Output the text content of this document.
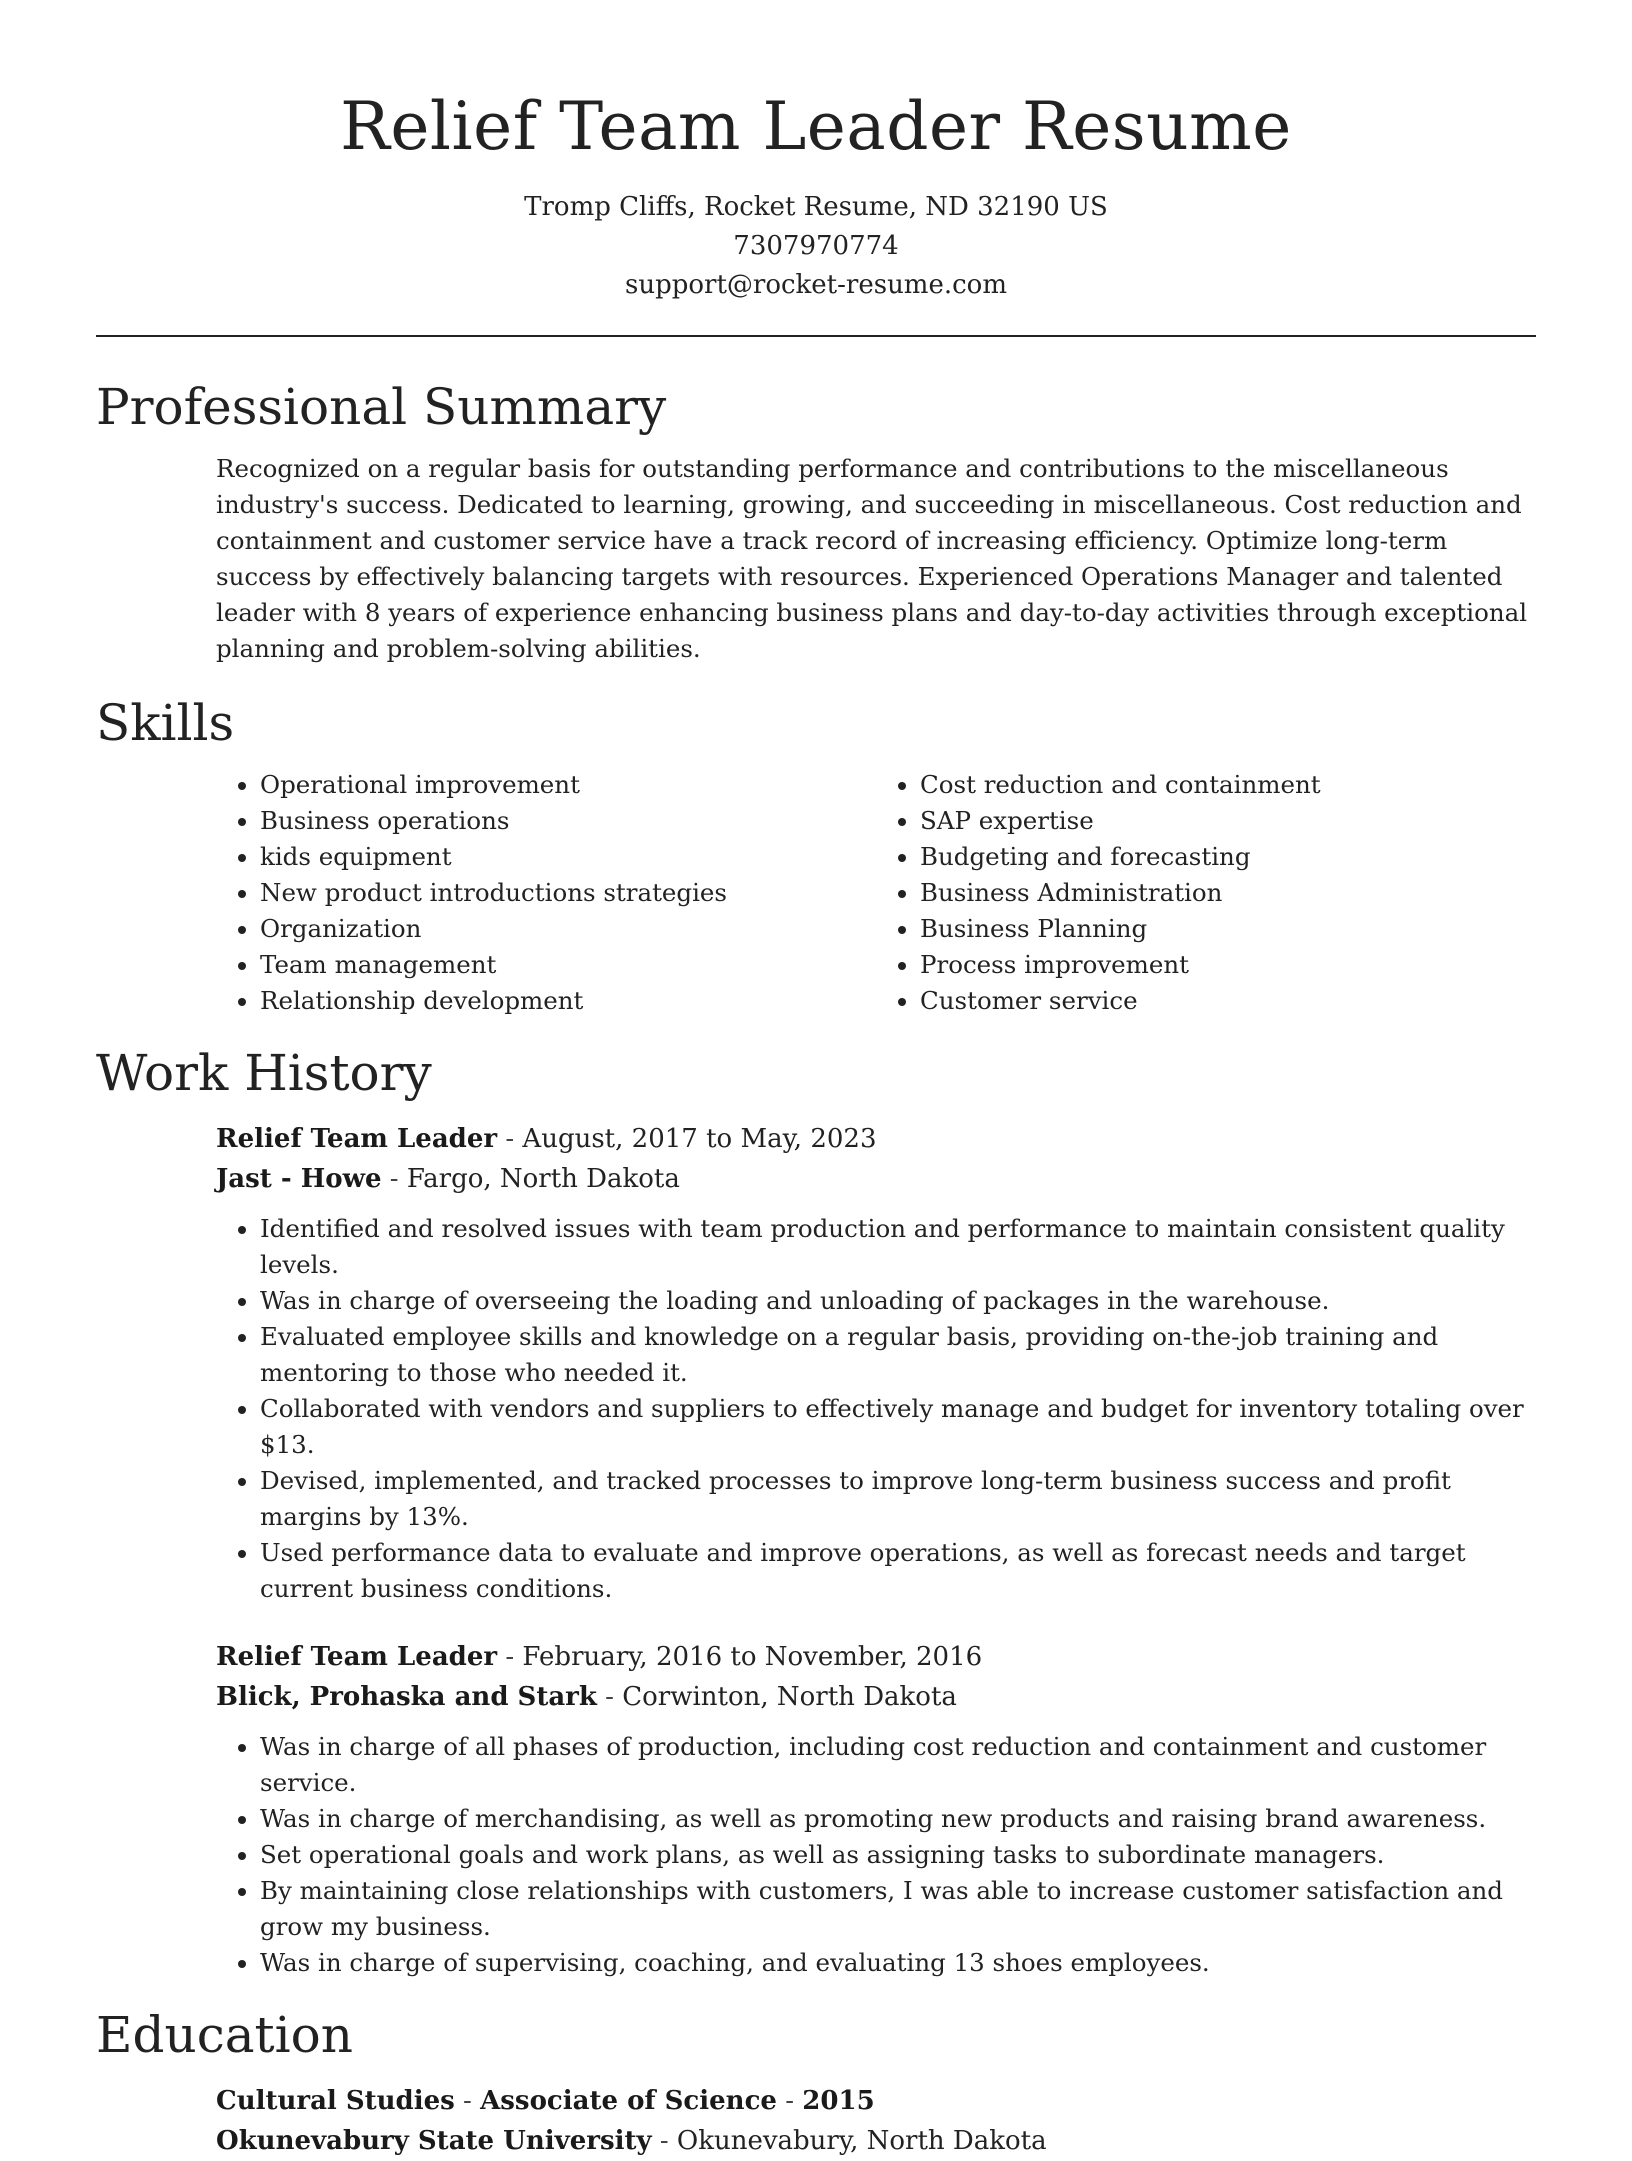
Relief Team Leader Resume
Tromp Cliffs, Rocket Resume, ND 32190 US
7307970774
support@rocket-resume.com
Professional Summary

Recognized on a regular basis for outstanding performance and contributions to the miscellaneous industry's success. Dedicated to learning, growing, and succeeding in miscellaneous. Cost reduction and containment and customer service have a track record of increasing efficiency. Optimize long-term success by effectively balancing targets with resources. Experienced Operations Manager and talented leader with 8 years of experience enhancing business plans and day-to-day activities through exceptional planning and problem-solving abilities.

Skills
• Operational improvement
• Business operations
• kids equipment
• New product introductions strategies
• Organization
• Team management
• Relationship development
• Cost reduction and containment
• SAP expertise
• Budgeting and forecasting
• Business Administration
• Business Planning
• Process improvement
• Customer service
Work History
Relief Team Leader - August, 2017 to May, 2023
Jast - Howe - Fargo, North Dakota
• Identified and resolved issues with team production and performance to maintain consistent quality levels.
• Was in charge of overseeing the loading and unloading of packages in the warehouse.
• Evaluated employee skills and knowledge on a regular basis, providing on-the-job training and mentoring to those who needed it.
• Collaborated with vendors and suppliers to effectively manage and budget for inventory totaling over $13.
• Devised, implemented, and tracked processes to improve long-term business success and profit margins by 13%.
• Used performance data to evaluate and improve operations, as well as forecast needs and target current business conditions.
Relief Team Leader - February, 2016 to November, 2016
Blick, Prohaska and Stark - Corwinton, North Dakota
• Was in charge of all phases of production, including cost reduction and containment and customer service.
• Was in charge of merchandising, as well as promoting new products and raising brand awareness.
• Set operational goals and work plans, as well as assigning tasks to subordinate managers.
• By maintaining close relationships with customers, I was able to increase customer satisfaction and grow my business.
• Was in charge of supervising, coaching, and evaluating 13 shoes employees.
Education
Cultural Studies - Associate of Science - 2015
Okunevabury State University - Okunevabury, North Dakota
